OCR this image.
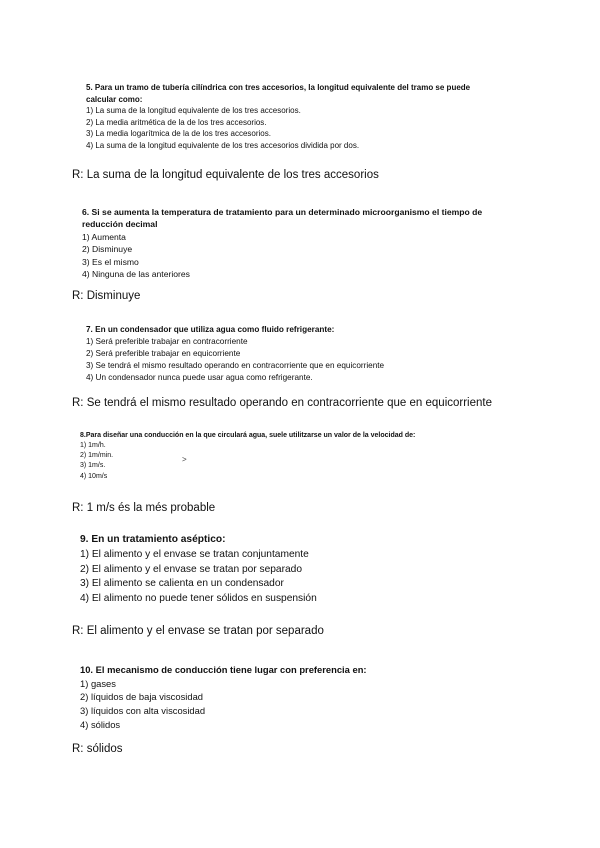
5. Para un tramo de tubería cilíndrica con tres accesorios, la longitud equivalente del tramo se puede calcular como:
1) La suma de la longitud equivalente de los tres accesorios.
2) La media aritmética de la de los tres accesorios.
3) La media logarítmica de la de los tres accesorios.
4) La suma de la longitud equivalente de los tres accesorios dividida por dos.
R: La suma de la longitud equivalente de los tres accesorios
6. Si se aumenta la temperatura de tratamiento para un determinado microorganismo el tiempo de reducción decimal
1) Aumenta
2) Disminuye
3) Es el mismo
4) Ninguna de las anteriores
R: Disminuye
7. En un condensador que utiliza agua como fluido refrigerante:
1) Será preferible trabajar en contracorriente
2) Será preferible trabajar en equicorriente
3) Se tendrá el mismo resultado operando en contracorriente que en equicorriente
4) Un condensador nunca puede usar agua como refrigerante.
R: Se tendrá el mismo resultado operando en contracorriente que en equicorriente
8.Para diseñar una conducción en la que circulará agua, suele utilitzarse un valor de la velocidad de:
1) 1m/h.
2) 1m/min.
3) 1m/s.
4) 10m/s
>
R: 1 m/s és la més probable
9. En un tratamiento aséptico:
1) El alimento y el envase se tratan conjuntamente
2) El alimento y el envase se tratan por separado
3) El alimento se calienta en un condensador
4) El alimento no puede tener sólidos en suspensión
R: El alimento y el envase se tratan por separado
10. El mecanismo de conducción tiene lugar con preferencia en:
1) gases
2) líquidos de baja viscosidad
3) líquidos con alta viscosidad
4) sólidos
R: sólidos
